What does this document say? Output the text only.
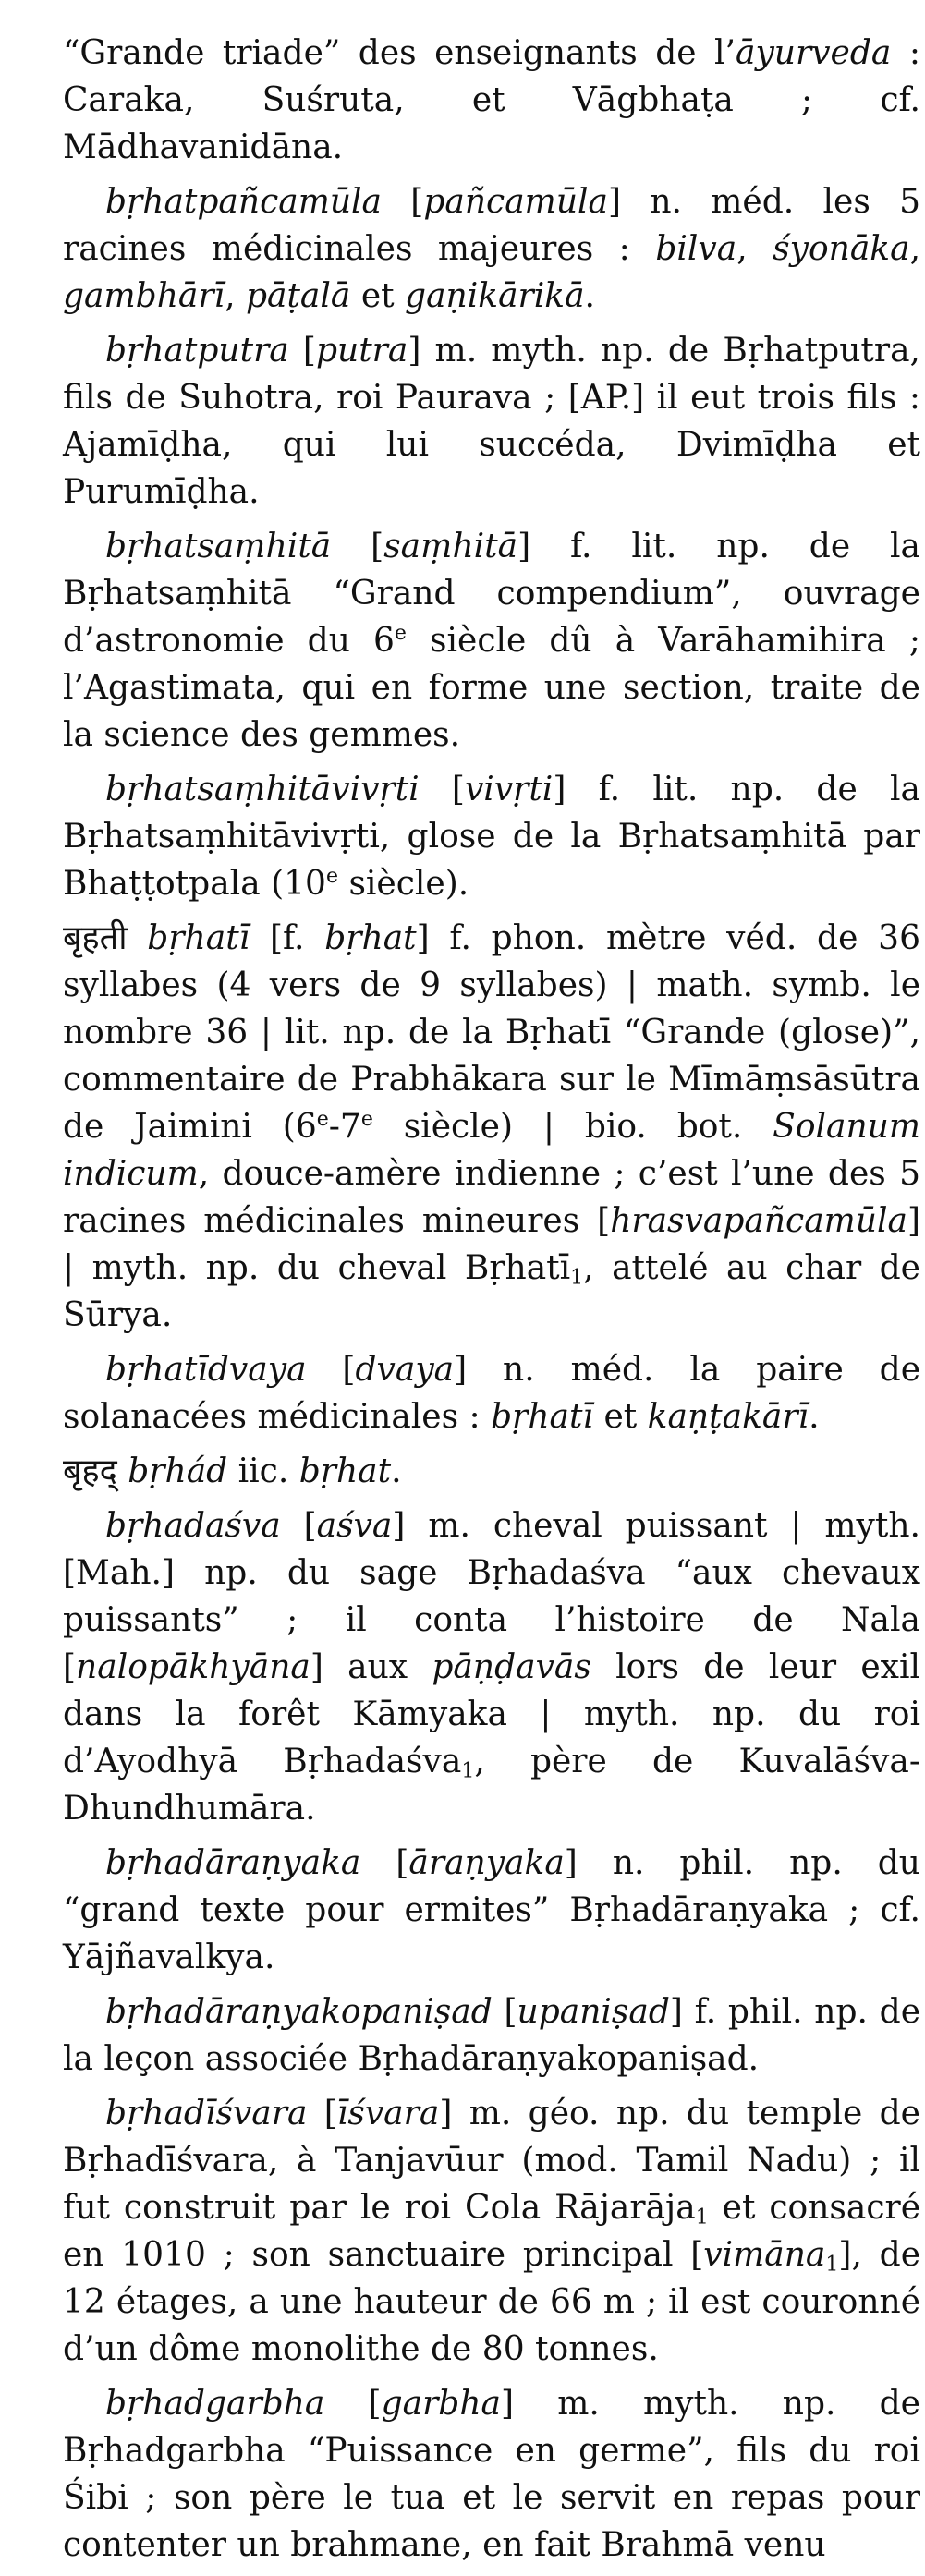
“Grande triade” des enseignants de l’āyurveda : Caraka, Suśruta, et Vāgbhaṭa ; cf. Mādhavanidāna.

bṛhatpañcamūla [pañcamūla] n. méd. les 5 racines médicinales majeures : bilva, śyonāka, gambhārī, pāṭalā et gaṇikārikā.

bṛhatputra [putra] m. myth. np. de Bṛhatputra, fils de Suhotra, roi Paurava ; [AP.] il eut trois fils : Ajamīḍha, qui lui succéda, Dvimīḍha et Purumīḍha.

bṛhatsaṃhitā [saṃhitā] f. lit. np. de la Bṛhatsaṃhitā “Grand compendium”, ouvrage d’astronomie du 6e siècle dû à Varāhamihira ; l’Agastimata, qui en forme une section, traite de la science des gemmes.

bṛhatsaṃhitāvivṛti [vivṛti] f. lit. np. de la Bṛhatsaṃhitāvivṛti, glose de la Bṛhatsaṃhitā par Bhaṭṭotpala (10e siècle).

बृहती bṛhatī [f. bṛhat] f. phon. mètre véd. de 36 syllabes (4 vers de 9 syllabes) | math. symb. le nombre 36 | lit. np. de la Bṛhatī “Grande (glose)”, commentaire de Prabhākara sur le Mīmāṃsāsūtra de Jaimini (6e-7e siècle) | bio. bot. Solanum indicum, douce-amère indienne ; c’est l’une des 5 racines médicinales mineures [hrasvapañcamūla] | myth. np. du cheval Bṛhatī$_1$, attelé au char de Sūrya.

bṛhatīdvaya [dvaya] n. méd. la paire de solanacées médicinales : bṛhatī et kaṇṭakārī.

बृहद् bṛhád iic. bṛhat.

bṛhadaśva [aśva] m. cheval puissant | myth. [Mah.] np. du sage Bṛhadaśva “aux chevaux puissants” ; il conta l’histoire de Nala [nalopākhyāna] aux pāṇḍavās lors de leur exil dans la forêt Kāmyaka | myth. np. du roi d’Ayodhyā Bṛhadaśva$_1$, père de Kuvalāśva-Dhundhumāra.

bṛhadāraṇyaka [āraṇyaka] n. phil. np. du “grand texte pour ermites” Bṛhadāraṇyaka ; cf. Yājñavalkya.

bṛhadāraṇyakopaniṣad [upaniṣad] f. phil. np. de la leçon associée Bṛhadāraṇyakopaniṣad.

bṛhadīśvara [īśvara] m. géo. np. du temple de Bṛhadīśvara, à Tanjavūur (mod. Tamil Nadu) ; il fut construit par le roi Cola Rājarāja$_1$ et consacré en 1010 ; son sanctuaire principal [vimāna$_1$], de 12 étages, a une hauteur de 66 m ; il est couronné d’un dôme monolithe de 80 tonnes.

bṛhadgarbha [garbha] m. myth. np. de Bṛhadgarbha “Puissance en germe”, fils du roi Śibi ; son père le tua et le servit en repas pour contenter un brahmane, en fait Brahmā venu
